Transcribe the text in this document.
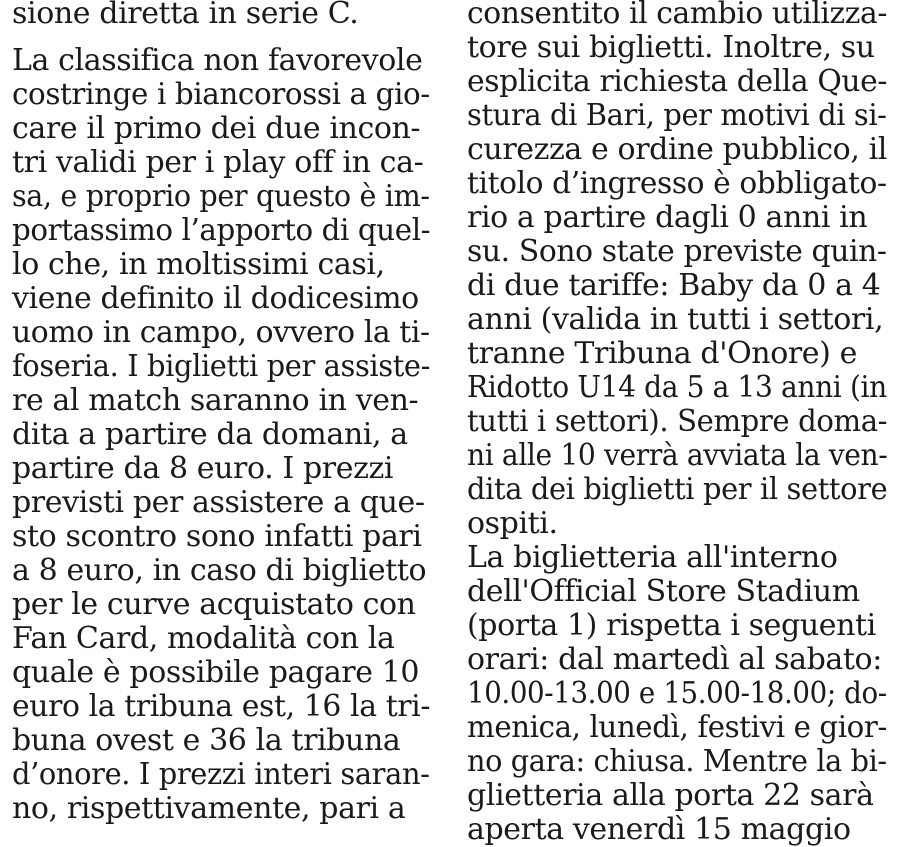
sione diretta in serie C.
La classifica non favorevole
costringe i biancorossi a gio-
care il primo dei due incon-
tri validi per i play off in ca-
sa, e proprio per questo è im-
portassimo l’apporto di quel-
lo che, in moltissimi casi,
viene definito il dodicesimo
uomo in campo, ovvero la ti-
foseria. I biglietti per assiste-
re al match saranno in ven-
dita a partire da domani, a
partire da 8 euro. I prezzi
previsti per assistere a que-
sto scontro sono infatti pari
a 8 euro, in caso di biglietto
per le curve acquistato con
Fan Card, modalità con la
quale è possibile pagare 10
euro la tribuna est, 16 la tri-
buna ovest e 36 la tribuna
d’onore. I prezzi interi saran-
no, rispettivamente, pari a
consentito il cambio utilizza-
tore sui biglietti. Inoltre, su
esplicita richiesta della Que-
stura di Bari, per motivi di si-
curezza e ordine pubblico, il
titolo d’ingresso è obbligato-
rio a partire dagli 0 anni in
su. Sono state previste quin-
di due tariffe: Baby da 0 a 4
anni (valida in tutti i settori,
tranne Tribuna d'Onore) e
Ridotto U14 da 5 a 13 anni (in
tutti i settori). Sempre doma-
ni alle 10 verrà avviata la ven-
dita dei biglietti per il settore
ospiti.
La biglietteria all'interno
dell'Official Store Stadium
(porta 1) rispetta i seguenti
orari: dal martedì al sabato:
10.00-13.00 e 15.00-18.00; do-
menica, lunedì, festivi e gior-
no gara: chiusa. Mentre la bi-
glietteria alla porta 22 sarà
aperta venerdì 15 maggio
